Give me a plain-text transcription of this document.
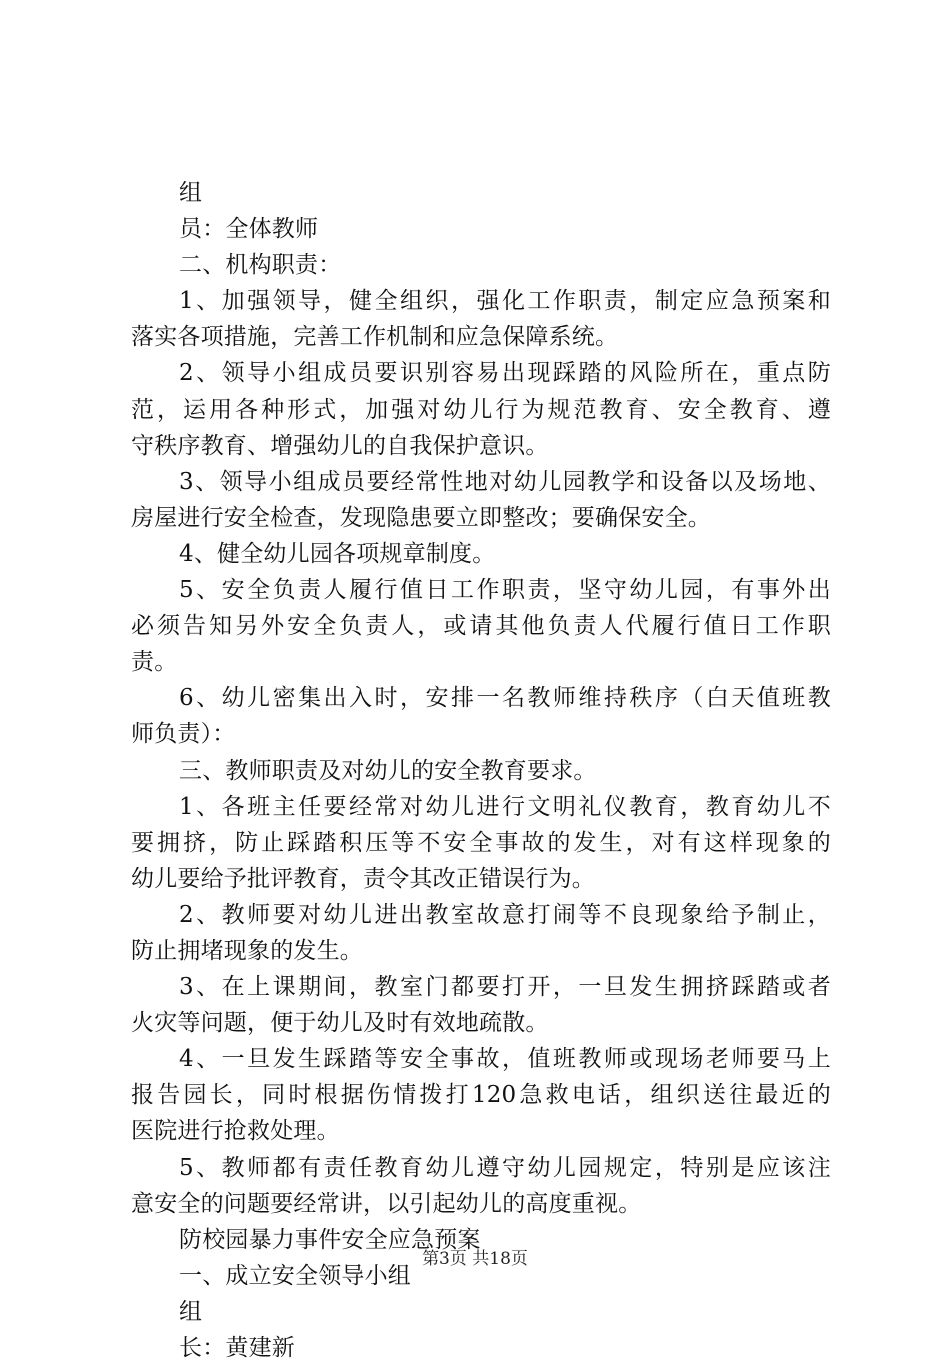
组
员：全体教师
二、机构职责：
1、加强领导，健全组织，强化工作职责，制定应急预案和
落实各项措施，完善工作机制和应急保障系统。
2、领导小组成员要识别容易出现踩踏的风险所在，重点防
范，运用各种形式，加强对幼儿行为规范教育、安全教育、遵
守秩序教育、增强幼儿的自我保护意识。
3、领导小组成员要经常性地对幼儿园教学和设备以及场地、
房屋进行安全检查，发现隐患要立即整改；要确保安全。
4、健全幼儿园各项规章制度。
5、安全负责人履行值日工作职责，坚守幼儿园，有事外出
必须告知另外安全负责人，或请其他负责人代履行值日工作职
责。
6、幼儿密集出入时，安排一名教师维持秩序（白天值班教
师负责）：
三、教师职责及对幼儿的安全教育要求。
1、各班主任要经常对幼儿进行文明礼仪教育，教育幼儿不
要拥挤，防止踩踏积压等不安全事故的发生，对有这样现象的
幼儿要给予批评教育，责令其改正错误行为。
2、教师要对幼儿进出教室故意打闹等不良现象给予制止，
防止拥堵现象的发生。
3、在上课期间，教室门都要打开，一旦发生拥挤踩踏或者
火灾等问题，便于幼儿及时有效地疏散。
4、一旦发生踩踏等安全事故，值班教师或现场老师要马上
报告园长，同时根据伤情拨打120急救电话，组织送往最近的
医院进行抢救处理。
5、教师都有责任教育幼儿遵守幼儿园规定，特别是应该注
意安全的问题要经常讲，以引起幼儿的高度重视。
防校园暴力事件安全应急预案
一、成立安全领导小组
组
长：黄建新
第3页 共18页
